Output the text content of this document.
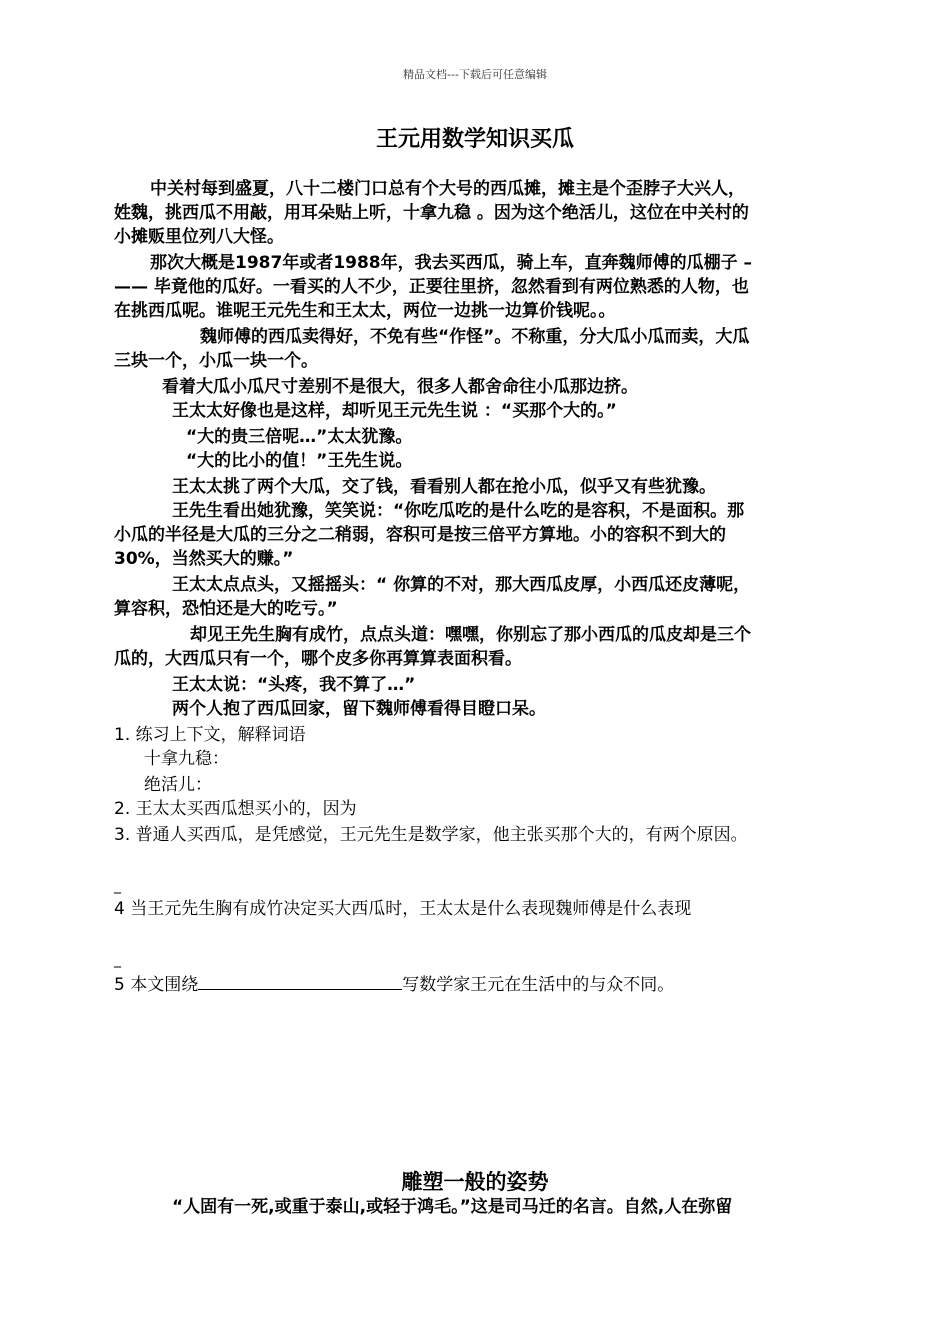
精品文档---下载后可任意编辑
王元用数学知识买瓜
中关村每到盛夏，八十二楼门口总有个大号的西瓜摊，摊主是个歪脖子大兴人，
姓魏，挑西瓜不用敲，用耳朵贴上听，十拿九稳 。因为这个绝活儿，这位在中关村的
小摊贩里位列八大怪。
那次大概是1987年或者1988年，我去买西瓜，骑上车，直奔魏师傅的瓜棚子 –
—— 毕竟他的瓜好。一看买的人不少，正要往里挤，忽然看到有两位熟悉的人物，也
在挑西瓜呢。谁呢王元先生和王太太，两位一边挑一边算价钱呢。。
魏师傅的西瓜卖得好，不免有些“作怪”。不称重，分大瓜小瓜而卖，大瓜
三块一个，小瓜一块一个。
看着大瓜小瓜尺寸差别不是很大，很多人都舍命往小瓜那边挤。
王太太好像也是这样，却听见王元先生说 ：“买那个大的。”
“大的贵三倍呢…”太太犹豫。
“大的比小的值！”王先生说。
王太太挑了两个大瓜，交了钱，看看别人都在抢小瓜，似乎又有些犹豫。
王先生看出她犹豫，笑笑说：“你吃瓜吃的是什么吃的是容积，不是面积。那
小瓜的半径是大瓜的三分之二稍弱，容积可是按三倍平方算地。小的容积不到大的
30%，当然买大的赚。”
王太太点点头，又摇摇头：“ 你算的不对，那大西瓜皮厚，小西瓜还皮薄呢，
算容积，恐怕还是大的吃亏。”
却见王先生胸有成竹，点点头道：嘿嘿，你别忘了那小西瓜的瓜皮却是三个
瓜的，大西瓜只有一个，哪个皮多你再算算表面积看。
王太太说：“头疼，我不算了…”
两个人抱了西瓜回家，留下魏师傅看得目瞪口呆。
1. 练习上下文，解释词语
十拿九稳：
绝活儿：
2. 王太太买西瓜想买小的，因为
3. 普通人买西瓜，是凭感觉，王元先生是数学家，他主张买那个大的，有两个原因。
_
4 当王元先生胸有成竹决定买大西瓜时，王太太是什么表现魏师傅是什么表现
_
5 本文围绕	写数学家王元在生活中的与众不同。
雕塑一般的姿势
“人固有一死,或重于泰山,或轻于鸿毛。”这是司马迁的名言。自然,人在弥留
